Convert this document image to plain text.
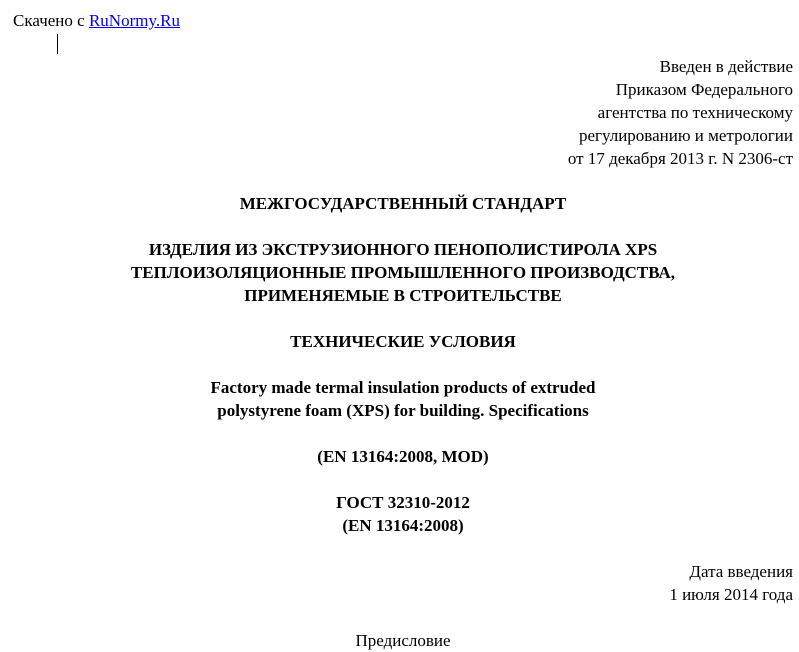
Скачено с RuNormy.Ru
Введен в действие
Приказом Федерального
агентства по техническому
регулированию и метрологии
от 17 декабря 2013 г. N 2306-ст
МЕЖГОСУДАРСТВЕННЫЙ СТАНДАРТ
ИЗДЕЛИЯ ИЗ ЭКСТРУЗИОННОГО ПЕНОПОЛИСТИРОЛА XPS
ТЕПЛОИЗОЛЯЦИОННЫЕ ПРОМЫШЛЕННОГО ПРОИЗВОДСТВА,
ПРИМЕНЯЕМЫЕ В СТРОИТЕЛЬСТВЕ
ТЕХНИЧЕСКИЕ УСЛОВИЯ
Factory made termal insulation products of extruded
polystyrene foam (XPS) for building. Specifications
(EN 13164:2008, MOD)
ГОСТ 32310-2012
(EN 13164:2008)
Дата введения
1 июля 2014 года
Предисловие
